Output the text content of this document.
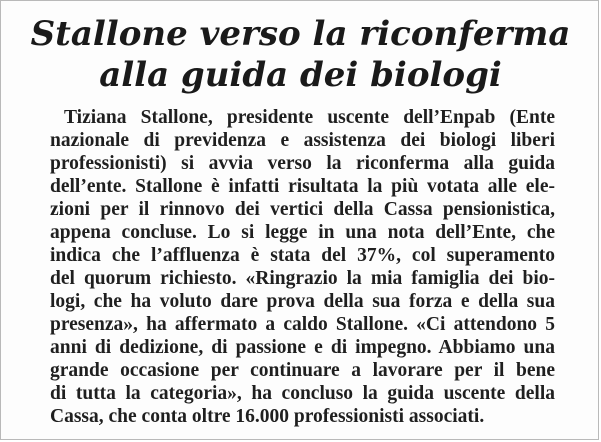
Stallone verso la riconferma
alla guida dei biologi
Tiziana Stallone, presidente uscente dell’Enpab (Ente
nazionale di previdenza e assistenza dei biologi liberi
professionisti) si avvia verso la riconferma alla guida
dell’ente. Stallone è infatti risultata la più votata alle ele-
zioni per il rinnovo dei vertici della Cassa pensionistica,
appena concluse. Lo si legge in una nota dell’Ente, che
indica che l’affluenza è stata del 37%, col superamento
del quorum richiesto. «Ringrazio la mia famiglia dei bio-
logi, che ha voluto dare prova della sua forza e della sua
presenza», ha affermato a caldo Stallone. «Ci attendono 5
anni di dedizione, di passione e di impegno. Abbiamo una
grande occasione per continuare a lavorare per il bene
di tutta la categoria», ha concluso la guida uscente della
Cassa, che conta oltre 16.000 professionisti associati.
